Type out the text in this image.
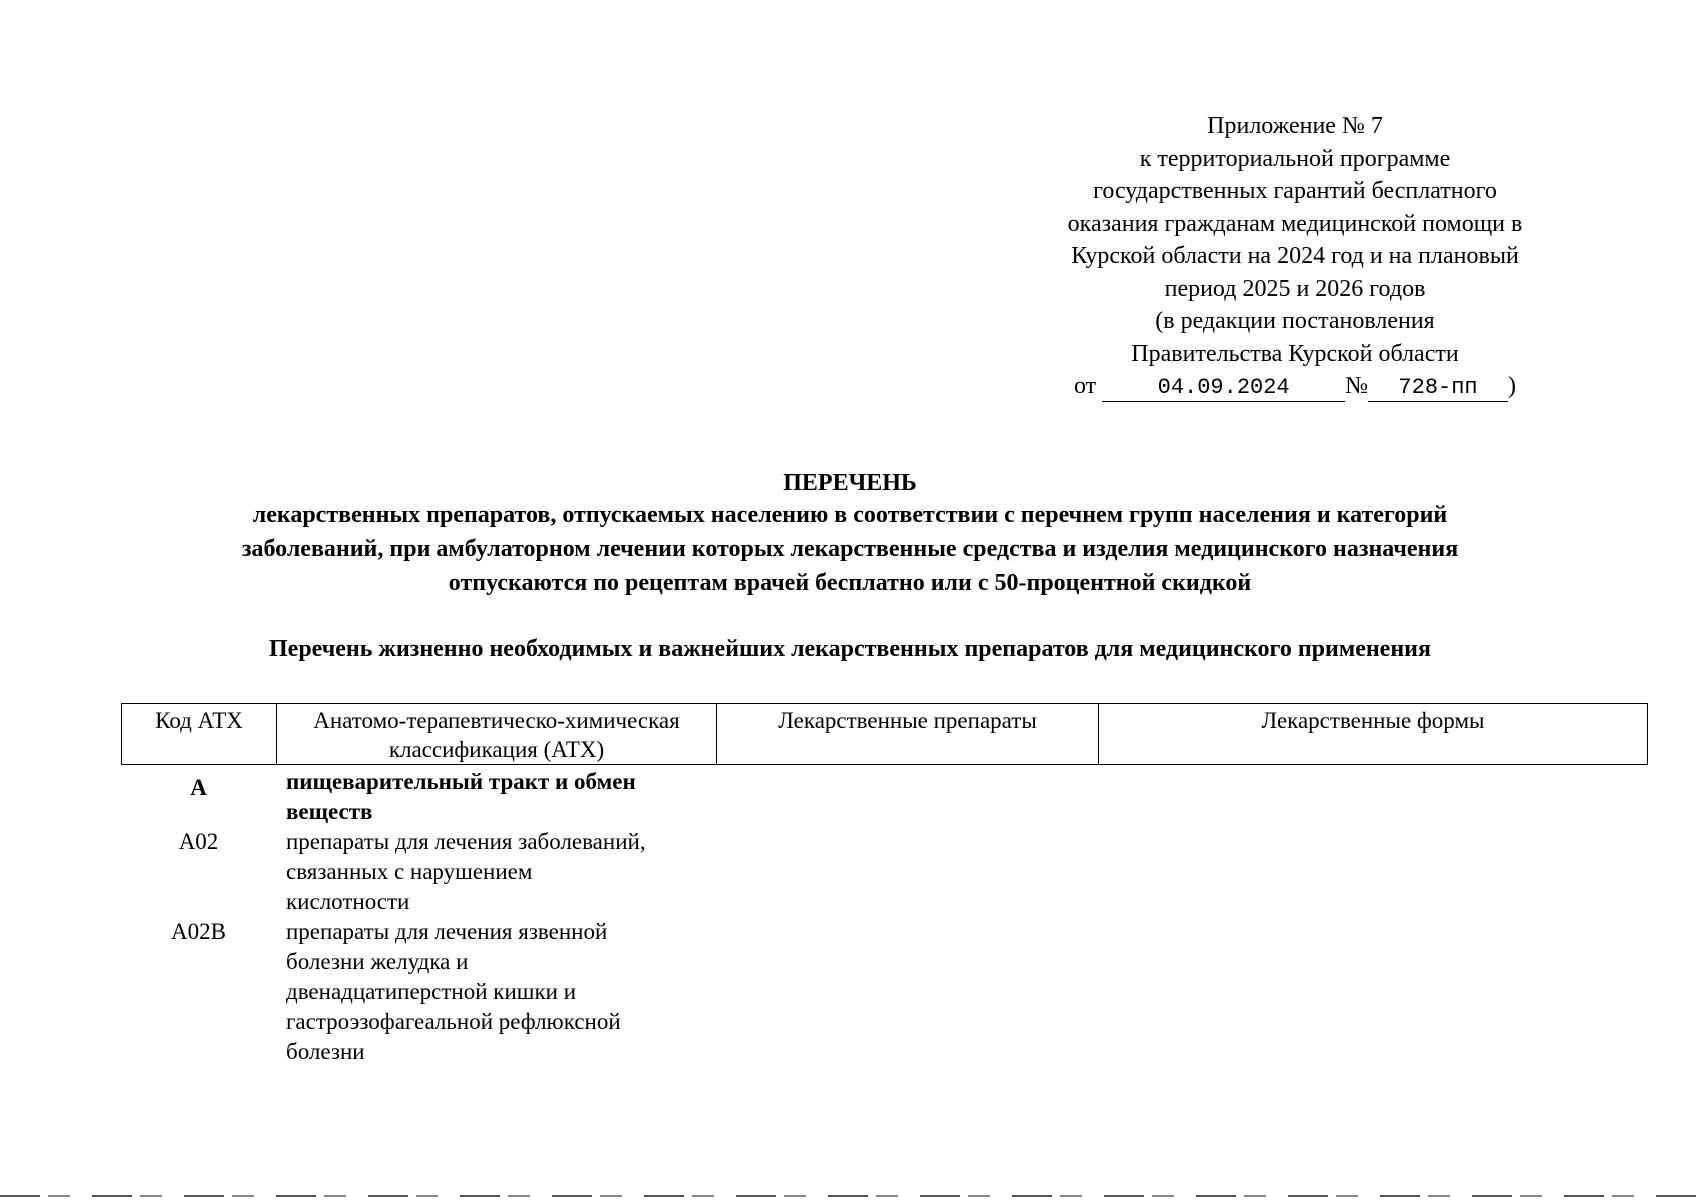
Приложение № 7
к территориальной программе
государственных гарантий бесплатного
оказания гражданам медицинской помощи в
Курской области на 2024 год и на плановый
период 2025 и 2026 годов
(в редакции постановления
Правительства Курской области
от	04.09.2024 № 728-пп )
ПЕРЕЧЕНЬ
лекарственных препаратов, отпускаемых населению в соответствии с перечнем групп населения и категорий
заболеваний, при амбулаторном лечении которых лекарственные средства и изделия медицинского назначения
отпускаются по рецептам врачей бесплатно или с 50-процентной скидкой
Перечень жизненно необходимых и важнейших лекарственных препаратов для медицинского применения
Код АТХ	Анатомо-терапевтическо-химическая классификация (АТХ)	Лекарственные препараты	Лекарственные формы
A	пищеварительный тракт и обмен
веществ
A02	препараты для лечения заболеваний,
связанных с нарушением
кислотности
A02B	препараты для лечения язвенной
болезни желудка и
двенадцатиперстной кишки и
гастроэзофагеальной рефлюксной
болезни
